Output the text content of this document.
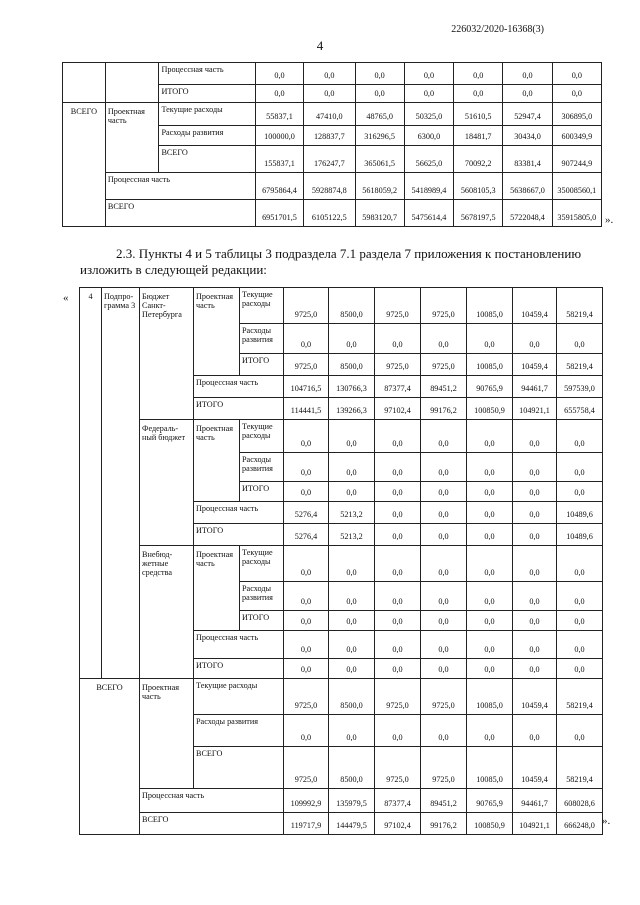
226032/2020-16368(3)
4
		Процессная часть	0,0	0,0	0,0	0,0	0,0	0,0	0,0
		ИТОГО	0,0	0,0	0,0	0,0	0,0	0,0	0,0
ВСЕГО	Проектная часть	Текущие расходы	55837,1	47410,0	48765,0	50325,0	51610,5	52947,4	306895,0
		Расходы развития	100000,0	128837,7	316296,5	6300,0	18481,7	30434,0	600349,9
		ВСЕГО	155837,1	176247,7	365061,5	56625,0	70092,2	83381,4	907244,9
	Процессная часть		6795864,4	5928874,8	5618059,2	5418989,4	5608105,3	5638667,0	35008560,1
	ВСЕГО		6951701,5	6105122,5	5983120,7	5475614,4	5678197,5	5722048,4	35915805,0 ».

2.3. Пункты 4 и 5 таблицы 3 подраздела 7.1 раздела 7 приложения к постановлению

изложить в следующей редакции:

« 4	Подпро-грамма 3	Бюджет Санкт-Петербурга	Проектная часть	Текущие расходы	9725,0	8500,0	9725,0	9725,0	10085,0	10459,4	58219,4
				Расходы развития	0,0	0,0	0,0	0,0	0,0	0,0	0,0
				ИТОГО	9725,0	8500,0	9725,0	9725,0	10085,0	10459,4	58219,4
			Процессная часть		104716,5	130766,3	87377,4	89451,2	90765,9	94461,7	597539,0
			ИТОГО		114441,5	139266,3	97102,4	99176,2	100850,9	104921,1	655758,4
		Федераль-ный бюджет	Проектная часть	Текущие расходы	0,0	0,0	0,0	0,0	0,0	0,0	0,0
				Расходы развития	0,0	0,0	0,0	0,0	0,0	0,0	0,0
				ИТОГО	0,0	0,0	0,0	0,0	0,0	0,0	0,0
			Процессная часть		5276,4	5213,2	0,0	0,0	0,0	0,0	10489,6
			ИТОГО		5276,4	5213,2	0,0	0,0	0,0	0,0	10489,6
		Внебюд-жетные средства	Проектная часть	Текущие расходы	0,0	0,0	0,0	0,0	0,0	0,0	0,0
				Расходы развития	0,0	0,0	0,0	0,0	0,0	0,0	0,0
				ИТОГО	0,0	0,0	0,0	0,0	0,0	0,0	0,0
			Процессная часть		0,0	0,0	0,0	0,0	0,0	0,0	0,0
			ИТОГО		0,0	0,0	0,0	0,0	0,0	0,0	0,0
ВСЕГО		Проектная часть	Текущие расходы		9725,0	8500,0	9725,0	9725,0	10085,0	10459,4	58219,4
			Расходы развития		0,0	0,0	0,0	0,0	0,0	0,0	0,0
			ВСЕГО		9725,0	8500,0	9725,0	9725,0	10085,0	10459,4	58219,4
		Процессная часть			109992,9	135979,5	87377,4	89451,2	90765,9	94461,7	608028,6
		ВСЕГО			119717,9	144479,5	97102,4	99176,2	100850,9	104921,1	666248,0 ».
